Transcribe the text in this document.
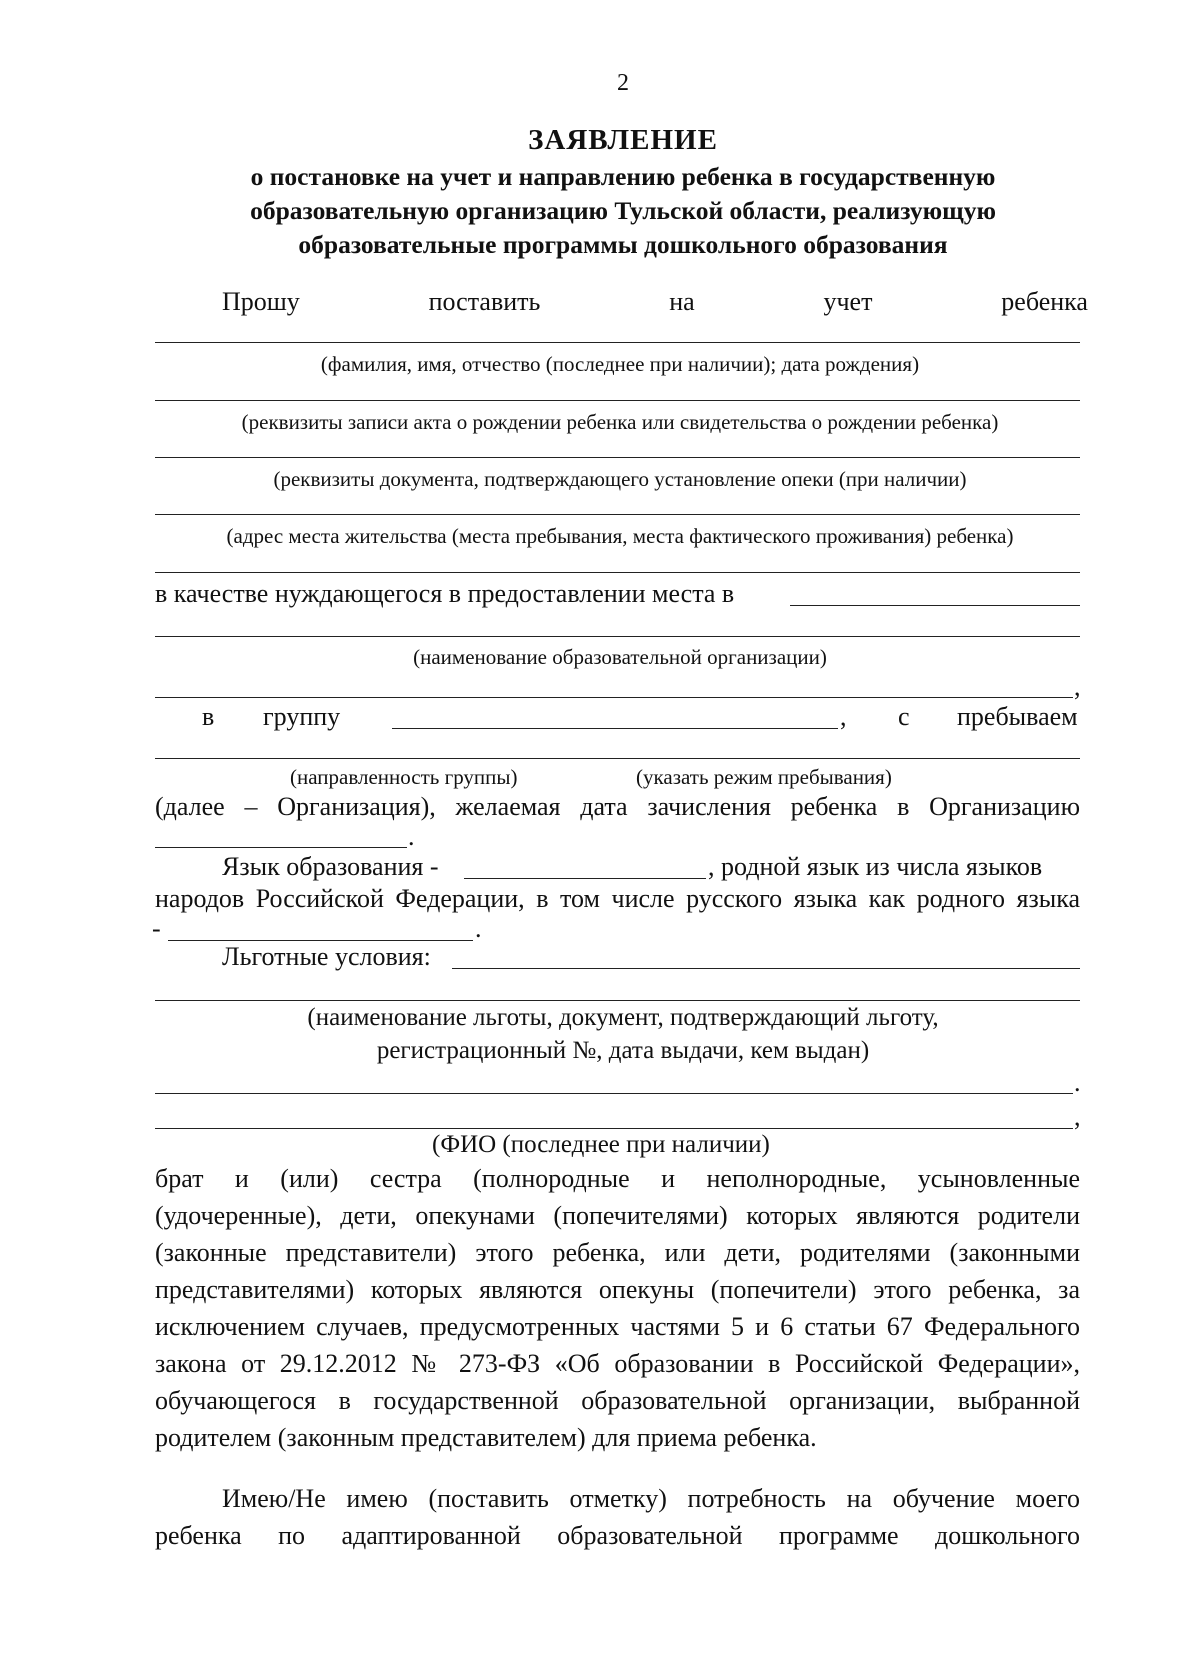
2

ЗАЯВЛЕНИЕ

о постановке на учет и направлению ребенка в государственную

образовательную организацию Тульской области, реализующую

образовательные программы дошкольного образования

Прошу	поставить	на	учет	ребенка

(фамилия, имя, отчество (последнее при наличии); дата рождения)

(реквизиты записи акта о рождении ребенка или свидетельства о рождении ребенка)

(реквизиты документа, подтверждающего установление опеки (при наличии)

(адрес места жительства (места пребывания, места фактического проживания) ребенка)

в качестве нуждающегося в предоставлении места в

(наименование образовательной организации)

,

в группу	, с пребываем

(направленность группы)	(указать режим пребывания)

(далее – Организация), желаемая дата зачисления ребенка в Организацию

.

Язык образования -	, родной язык из числа языков

народов Российской Федерации, в том числе русского языка как родного языка

-	.

Льготные условия:

(наименование льготы, документ, подтверждающий льготу,

регистрационный №, дата выдачи, кем выдан)

.
,

(ФИО (последнее при наличии)

брат и (или) сестра (полнородные и неполнородные, усыновленные

(удочеренные), дети, опекунами (попечителями) которых являются родители

(законные представители) этого ребенка, или дети, родителями (законными

представителями) которых являются опекуны (попечители) этого ребенка, за

исключением случаев, предусмотренных частями 5 и 6 статьи 67 Федерального

закона от 29.12.2012 № 273-ФЗ «Об образовании в Российской Федерации»,

обучающегося в государственной образовательной организации, выбранной

родителем (законным представителем) для приема ребенка.

Имею/Не имею (поставить отметку) потребность на обучение моего

ребенка по адаптированной образовательной программе дошкольного
